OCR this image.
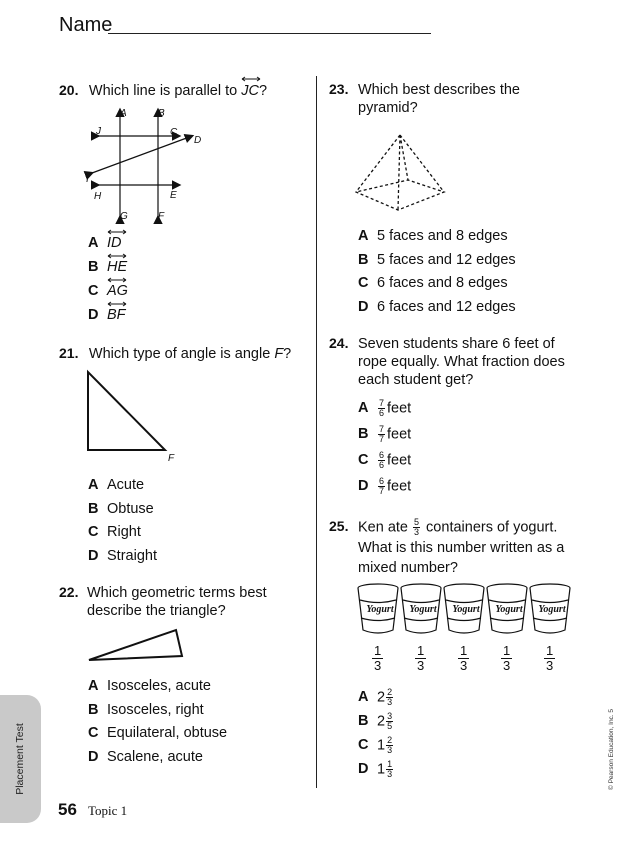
Name
20. Which line is parallel to JC?
A	B
C
D
E
F
G
H
I
J
A ID
B HE
C AG
D BF
21. Which type of angle is angle F?
F
A Acute
B Obtuse
C Right
D Straight
22. Which geometric terms best
describe the triangle?
A Isosceles, acute
B Isosceles, right
C Equilateral, obtuse
D Scalene, acute
23. Which best describes the
pyramid?
A 5 faces and 8 edges
B 5 faces and 12 edges
C 6 faces and 8 edges
D 6 faces and 12 edges
24. Seven students share 6 feet of
rope equally. What fraction does
each student get?
A $\frac{7}{6}$ feet
B $\frac{7}{7}$ feet
C $\frac{6}{6}$ feet
D $\frac{6}{7}$ feet
25. Ken ate $\frac{5}{3}$ containers of yogurt.
What is this number written as a
mixed number?
Yogurt	Yogurt	Yogurt	Yogurt	Yogurt
$\frac{1}{3} \frac{1}{3} \frac{1}{3} \frac{1}{3} \frac{1}{3}$
A $2 \frac{2}{3}$
B $2 \frac{3}{5}$
C $1 \frac{2}{3}$
D $1 \frac{1}{3}$
Placement Test
56 Topic 1
© Pearson Education, Inc. 5
